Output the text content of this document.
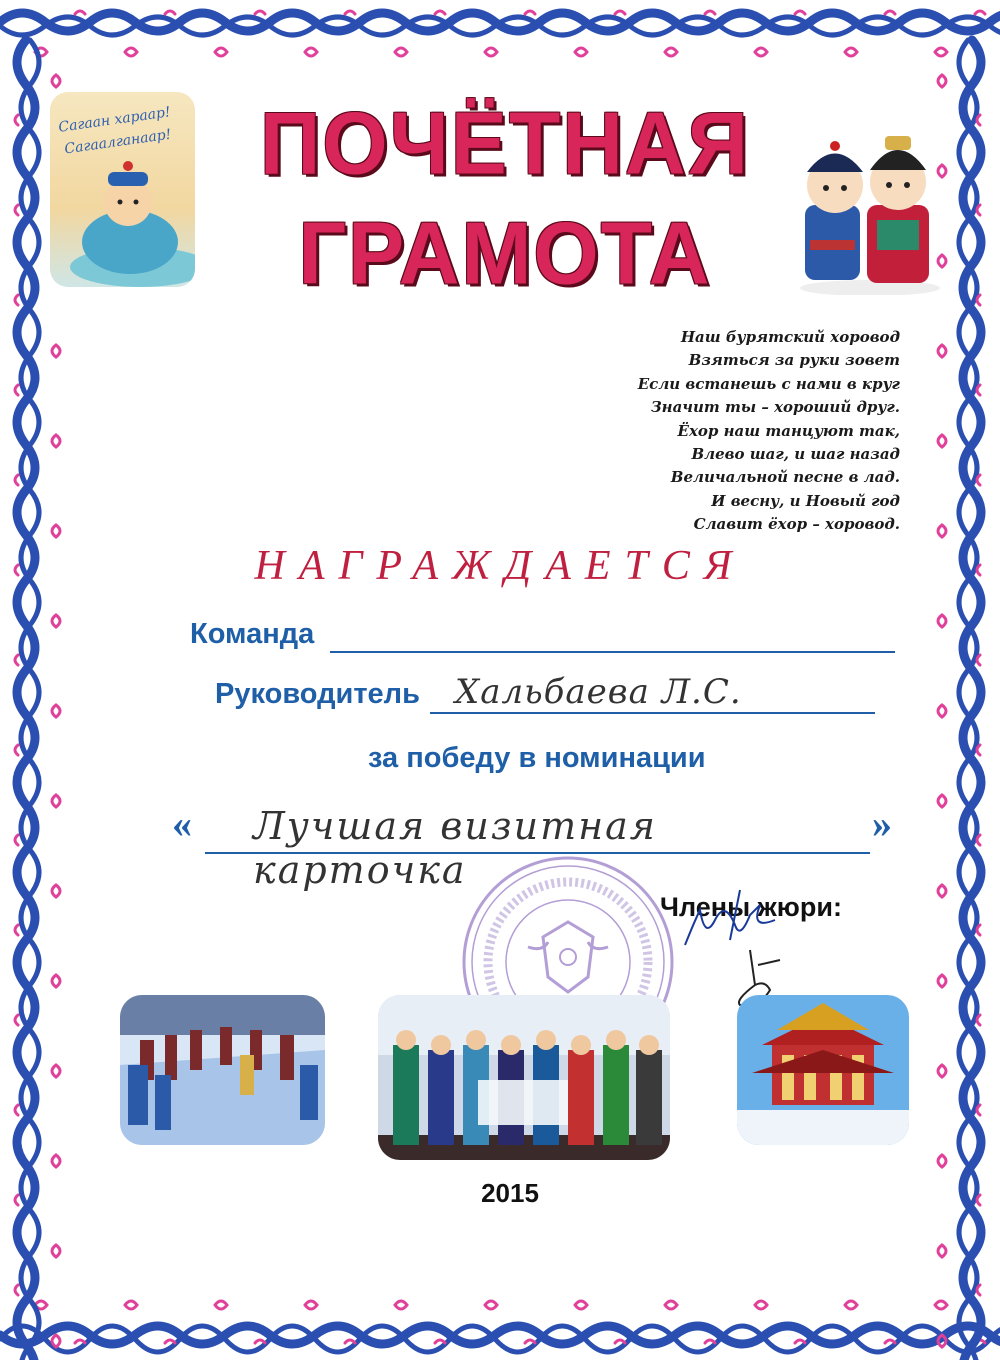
Сагаан хараар!
Сагаалганаар!	ПОЧЁТНАЯ
ГРАМОТА
Наш бурятский хоровод
Взяться за руки зовет
Если встанешь с нами в круг
Значит ты – хороший друг.
Ёхор наш танцуют так,
Влево шаг, и шаг назад
Величальной песне в лад.
И весну, и Новый год
Славит ёхор – хоровод.
НАГРАЖДАЕТСЯ
Команда
Руководитель Хальбаева Л.С.
за победу в номинации
« Лучшая визитная карточка
»
Члены жюри:
2015
